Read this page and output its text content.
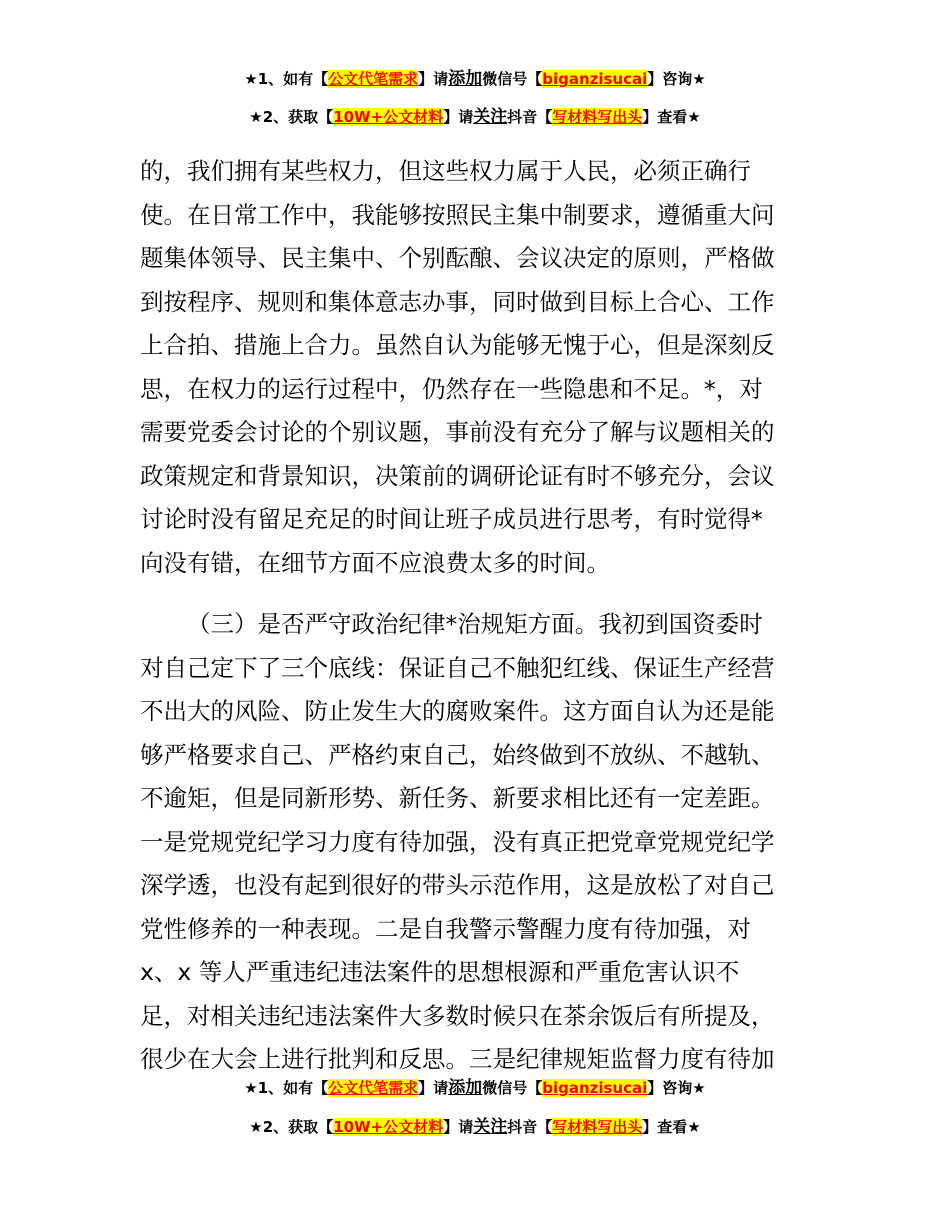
★1、如有【公文代笔需求】请添加微信号【biganzisucai】咨询★
★2、获取【10W+公文材料】请关注抖音【写材料写出头】查看★
的，我们拥有某些权力，但这些权力属于人民，必须正确行
使。在日常工作中，我能够按照民主集中制要求，遵循重大问
题集体领导、民主集中、个别酝酿、会议决定的原则，严格做
到按程序、规则和集体意志办事，同时做到目标上合心、工作
上合拍、措施上合力。虽然自认为能够无愧于心，但是深刻反
思，在权力的运行过程中，仍然存在一些隐患和不足。*，对
需要党委会讨论的个别议题，事前没有充分了解与议题相关的
政策规定和背景知识，决策前的调研论证有时不够充分，会议
讨论时没有留足充足的时间让班子成员进行思考，有时觉得*
向没有错，在细节方面不应浪费太多的时间。
（三）是否严守政治纪律*治规矩方面。我初到国资委时
对自己定下了三个底线：保证自己不触犯红线、保证生产经营
不出大的风险、防止发生大的腐败案件。这方面自认为还是能
够严格要求自己、严格约束自己，始终做到不放纵、不越轨、
不逾矩，但是同新形势、新任务、新要求相比还有一定差距。
一是党规党纪学习力度有待加强，没有真正把党章党规党纪学
深学透，也没有起到很好的带头示范作用，这是放松了对自己
党性修养的一种表现。二是自我警示警醒力度有待加强，对
x、x 等人严重违纪违法案件的思想根源和严重危害认识不
足，对相关违纪违法案件大多数时候只在茶余饭后有所提及，
很少在大会上进行批判和反思。三是纪律规矩监督力度有待加
★1、如有【公文代笔需求】请添加微信号【biganzisucai】咨询★
★2、获取【10W+公文材料】请关注抖音【写材料写出头】查看★
